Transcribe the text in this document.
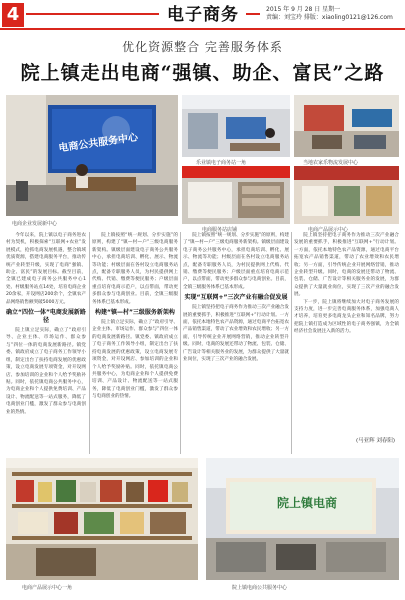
4	电子商务	2015 年 9 月 28 日 星期一
责编：刘宝玲 排版：xiaoling0121@126.com
优化资源整合 完善服务体系
院上镇走出电商“强镇、助企、富民”之路
电商公共服务中心
电商企业发展新中心
乐业镇电子商务站一角	当地农家乐物流发展中心
电商服务站店铺	电商产品展示中心

今年以来，院上镇以电子商务进农村为契机，积极探索“互联网+农业”发展模式，抢抓电商发展机遇，整合镇域优质资源，搭建电商服务平台，推动传统产业转型升级，实现了电商“强镇、助企、富民”的发展目标。截至目前，全镇已建成电子商务公共服务中心1处、村级服务站点14处，培育电商企业20余家，开设网店200余个，全镇农产品网络销售额突破5000万元。

确立“四位一体”电商发展新路径

院上镇立足实际，确立了“政府引导、企业主体、市场运作、群众参与”四位一体的电商发展新路径。镇党委、镇政府成立了电子商务工作领导小组，制定出台了扶持电商发展的优惠政策，设立电商发展专项资金，对开设网店、参加培训的企业和个人给予奖励补贴。同时，依托镇电商公共服务中心，为电商企业和个人提供免费培训、产品设计、物流配送等一站式服务，降低了电商创业门槛，激发了群众参与电商创业的热情。

院上镇按照“统一规划、分步实施”的原则，构建了“镇—村—户”三级电商服务新架构。镇级层面建设电子商务公共服务中心，承担电商培训、孵化、展示、物流等功能；村级层面在各村设立电商服务站点，配备专职服务人员，为村民提供网上代购、代销、缴费等便民服务；户级层面重点培育电商示范户，以点带面，带动更多群众参与电商创业。目前，全镇三级服务体系已基本形成。

构建“镇—村”三级服务新架构

院上镇立足实际，确立了“政府引导、企业主体、市场运作、群众参与”四位一体的电商发展新路径。镇党委、镇政府成立了电子商务工作领导小组，制定出台了扶持电商发展的优惠政策，设立电商发展专项资金，对开设网店、参加培训的企业和个人给予奖励补贴。同时，依托镇电商公共服务中心，为电商企业和个人提供免费培训、产品设计、物流配送等一站式服务，降低了电商创业门槛，激发了群众参与电商创业的热情。

院上镇按照“统一规划、分步实施”的原则，构建了“镇—村—户”三级电商服务新架构。镇级层面建设电子商务公共服务中心，承担电商培训、孵化、展示、物流等功能；村级层面在各村设立电商服务站点，配备专职服务人员，为村民提供网上代购、代销、缴费等便民服务；户级层面重点培育电商示范户，以点带面，带动更多群众参与电商创业。目前，全镇三级服务体系已基本形成。

实现“互联网+”三次产业有融合促发展

院上镇坚持把电子商务作为推动三次产业融合发展的重要抓手，积极推进“互联网+”行动计划。一方面，依托本地特色农产品资源，通过电商平台拓宽农产品销售渠道，带动了农业增效和农民增收；另一方面，引导传统企业开展网络营销，推动企业转型升级。同时，电商的发展还带动了物流、包装、仓储、广告设计等相关服务业的发展，为群众提供了大量就业岗位，实现了三次产业的融合发展。

院上镇坚持把电子商务作为推动三次产业融合发展的重要抓手，积极推进“互联网+”行动计划。一方面，依托本地特色农产品资源，通过电商平台拓宽农产品销售渠道，带动了农业增效和农民增收；另一方面，引导传统企业开展网络营销，推动企业转型升级。同时，电商的发展还带动了物流、包装、仓储、广告设计等相关服务业的发展，为群众提供了大量就业岗位，实现了三次产业的融合发展。

下一步，院上镇将继续加大对电子商务发展的支持力度，进一步完善电商服务体系，加强电商人才培养，培育更多电商龙头企业和知名品牌，努力把院上镇打造成为区域性的电子商务强镇，为全镇经济社会发展注入新的活力。

(马亚辉 刘春阳)
电商产品展示中心一角
院上镇电商
院上镇电商公共服务中心
